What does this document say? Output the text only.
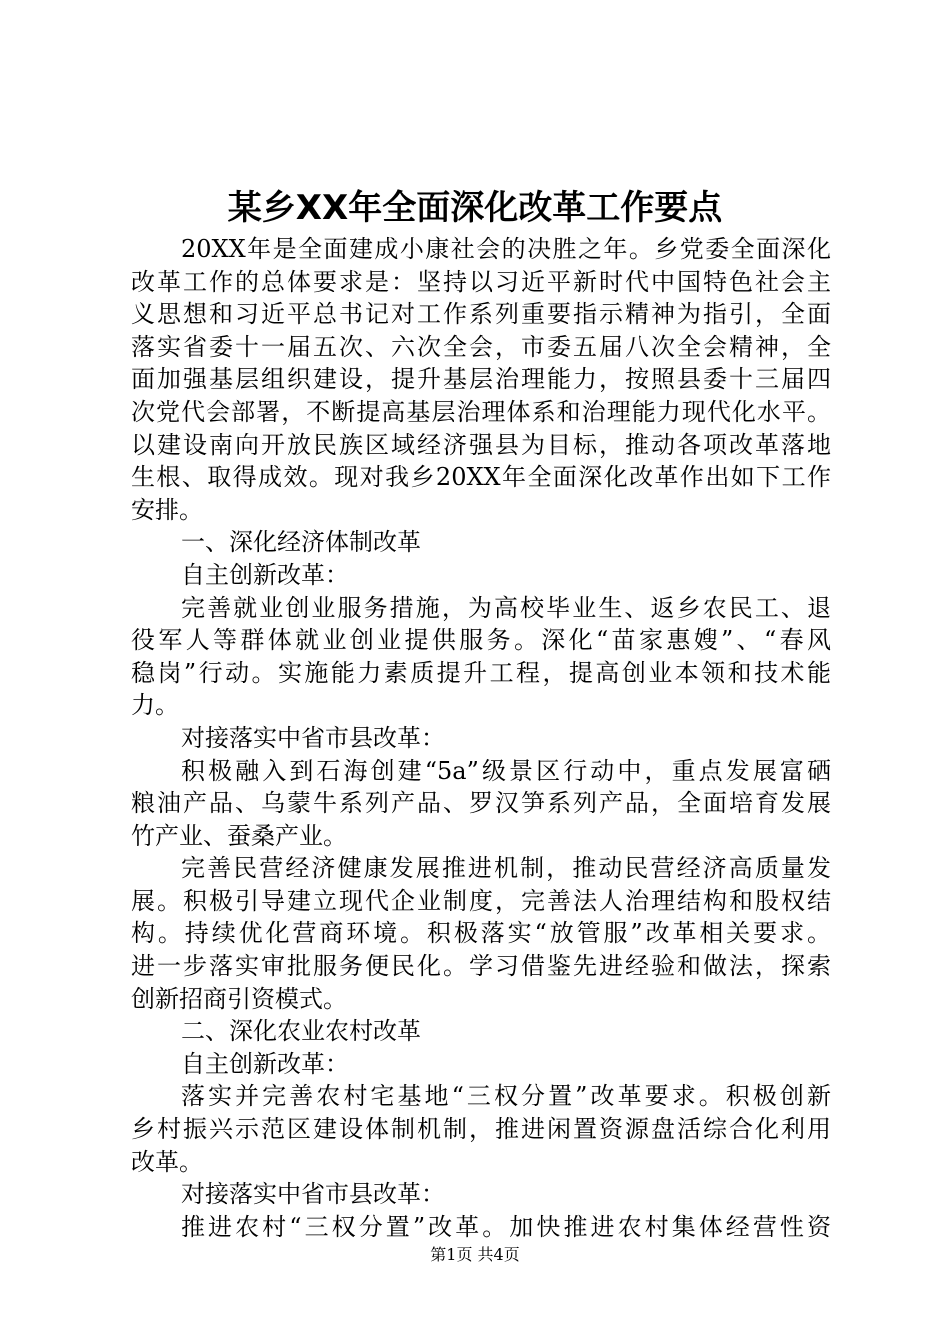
某乡XX年全面深化改革工作要点
20XX年是全面建成小康社会的决胜之年。乡党委全面深化
改革工作的总体要求是：坚持以习近平新时代中国特色社会主
义思想和习近平总书记对工作系列重要指示精神为指引，全面
落实省委十一届五次、六次全会，市委五届八次全会精神，全
面加强基层组织建设，提升基层治理能力，按照县委十三届四
次党代会部署，不断提高基层治理体系和治理能力现代化水平。
以建设南向开放民族区域经济强县为目标，推动各项改革落地
生根、取得成效。现对我乡20XX年全面深化改革作出如下工作
安排。
一、深化经济体制改革
自主创新改革：
完善就业创业服务措施，为高校毕业生、返乡农民工、退
役军人等群体就业创业提供服务。深化“苗家惠嫂”、“春风
稳岗”行动。实施能力素质提升工程，提高创业本领和技术能
力。
对接落实中省市县改革：
积极融入到石海创建“5a”级景区行动中，重点发展富硒
粮油产品、乌蒙牛系列产品、罗汉笋系列产品，全面培育发展
竹产业、蚕桑产业。
完善民营经济健康发展推进机制，推动民营经济高质量发
展。积极引导建立现代企业制度，完善法人治理结构和股权结
构。持续优化营商环境。积极落实“放管服”改革相关要求。
进一步落实审批服务便民化。学习借鉴先进经验和做法，探索
创新招商引资模式。
二、深化农业农村改革
自主创新改革：
落实并完善农村宅基地“三权分置”改革要求。积极创新
乡村振兴示范区建设体制机制，推进闲置资源盘活综合化利用
改革。
对接落实中省市县改革：
推进农村“三权分置”改革。加快推进农村集体经营性资
第1页 共4页
